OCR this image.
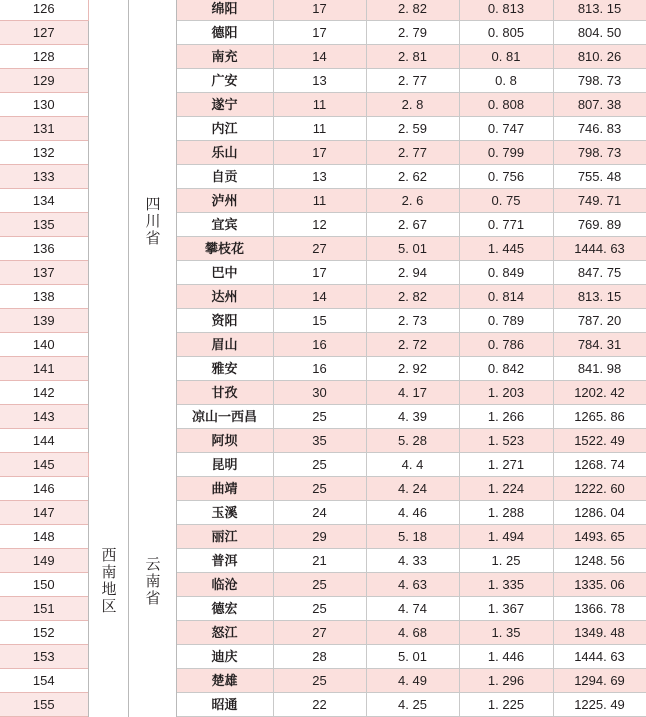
126		四川省	绵阳	17	2. 82	0. 813	813. 15
127			德阳	17	2. 79	0. 805	804. 50
128			南充	14	2. 81	0. 81	810. 26
129			广安	13	2. 77	0. 8	798. 73
130			遂宁	11	2. 8	0. 808	807. 38
131			内江	11	2. 59	0. 747	746. 83
132			乐山	17	2. 77	0. 799	798. 73
133			自贡	13	2. 62	0. 756	755. 48
134			泸州	11	2. 6	0. 75	749. 71
135			宜宾	12	2. 67	0. 771	769. 89
136			攀枝花	27	5. 01	1. 445	1444. 63
137			巴中	17	2. 94	0. 849	847. 75
138			达州	14	2. 82	0. 814	813. 15
139			资阳	15	2. 73	0. 789	787. 20
140			眉山	16	2. 72	0. 786	784. 31
141			雅安	16	2. 92	0. 842	841. 98
142			甘孜	30	4. 17	1. 203	1202. 42
143			凉山一西昌	25	4. 39	1. 266	1265. 86
144			阿坝	35	5. 28	1. 523	1522. 49
145	西南地区	云南省	昆明	25	4. 4	1. 271	1268. 74
146			曲靖	25	4. 24	1. 224	1222. 60
147			玉溪	24	4. 46	1. 288	1286. 04
148			丽江	29	5. 18	1. 494	1493. 65
149			普洱	21	4. 33	1. 25	1248. 56
150			临沧	25	4. 63	1. 335	1335. 06
151			德宏	25	4. 74	1. 367	1366. 78
152			怒江	27	4. 68	1. 35	1349. 48
153			迪庆	28	5. 01	1. 446	1444. 63
154			楚雄	25	4. 49	1. 296	1294. 69
155			昭通	22	4. 25	1. 225	1225. 49
